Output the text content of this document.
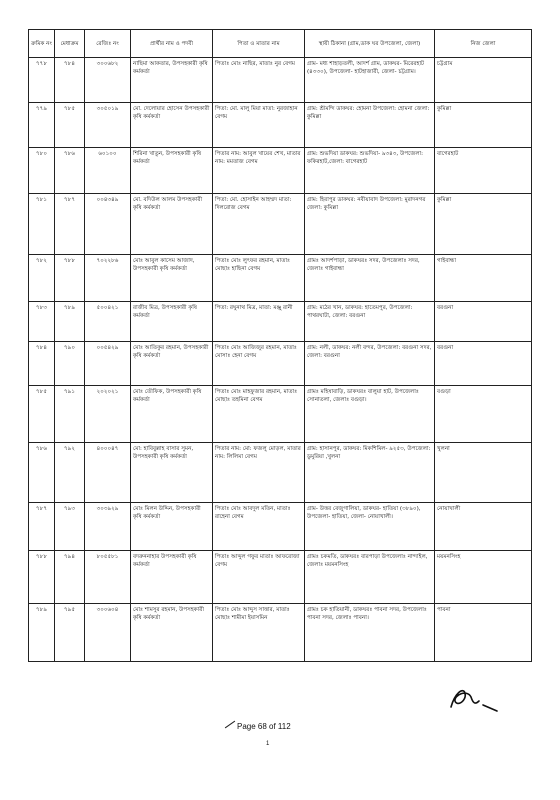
ক্রমিক নং	মেধাক্রম	রেজিঃ নং	প্রার্থীর নাম ও পদবী	পিতা ও মাতার নাম	স্থায়ী ঠিকানা (গ্রাম,ডাক ঘর উপজেলা, জেলা)	নিজ জেলা
৭৭৮	৭৮৪	৩০০৬৮২	নাছিমা আকতার, উপসহকারী কৃষি কর্মকর্তা	পিতাঃ মোঃ নাছির, মাতাঃ নুর বেগম	গ্রাম- মধ্য শাহাড়তলী, আদর্শ গ্রাম, ডাকঘর- মিরেরহাট (৪৩৩০), উপজেলা- হাটহাজারী, জেলা- চট্টগ্রাম।	চট্টগ্রাম
৭৭৯	৭৮৫	৩০৫০১৯	মো. দেলোয়ার হোসেন উপসহকারী কৃষি কর্মকর্তা	পিতা: মো. মালু মিয়া মাতা: নুরজাহান বেগম	গ্রাম: শ্রীমন্দি ডাকঘর: হোমনা উপজেলা: হোমনা জেলা: কুমিল্লা	কুমিল্লা
৭৮০	৭৮৬	৬০১০০	শিরিনা খাতুন, উপসহকারী কৃষি কর্মকর্তা	পিতার নাম: আবুল খায়ের শেখ, মাতার নাম: মমতাজ বেগম	গ্রাম: শুভদিয়া ডাকঘর: শুভদিয়া- ৯৩৪৩, উপজেলা: ফকিরহাট,জেলা: বাগেরহাট	বাগেরহাট
৭৮১	৭৮৭	০০৪৩৪৯	মো. বদিউল আলম উপসহকারী কৃষি কর্মকর্তা	পিতা: মো. হোসাইন আহম্মদ মাতা: দিলরোজ বেগম	গ্রাম: হিরাপুর ডাকঘর: নবীয়াবাদ উপজেলা: মুরাদনগর জেলা: কুমিল্লা	কুমিল্লা
৭৮২	৭৮৮	৭০২২৮৬	মোঃ আবুল কাসেম আজাদ, উপসহকারী কৃষি কর্মকর্তা	পিতাঃ মোঃ লুৎফর রহমান, মাতাঃ মোছাঃ হাছিনা বেগম	গ্রামঃ আদর্শপাড়া, ডাকঘরঃ সদর, উপজেলাঃ সদর, জেলাঃ গাইবান্ধা	গাইবান্ধা
৭৮৩	৭৮৯	৫০০৪২১	রাজীব মিত্র, উপসহকারী কৃষি কর্মকর্তা	পিতা: রঘুনাথ মিত্র, মাতা: মঞ্জু রানী	গ্রাম: মঠের খান, ডাকঘর: হাতেমপুর, উপজেলা: পাথরঘাটা, জেলা: বরগুনা	বরগুনা
৭৮৪	৭৯০	০০৫৪২৯	মোঃ আতিকুর রহমান, উপসহকারী কৃষি কর্মকর্তা	পিতাঃ মোঃ আজিজুর রহমান, মাতাঃ মোসাঃ হেনা বেগম	গ্রাম: নলী, ডাকঘর: নলী বন্দর, উপজেলা: বরগুনা সদর, জেলা: বরগুনা	বরগুনা
৭৮৫	৭৯১	২০২০২১	মোঃ তৌফিক, উপসহকারী কৃষি কর্মকর্তা	পিতাঃ মোঃ মাহফুজার রহমান, মাতাঃ মোছাঃ তহমিনা বেগম	গ্রামঃ মহিষাবাড়ি, ডাকঘরঃ বালুয়া হাট, উপজেলাঃ সোনাতলা, জেলাঃ বগুড়া।	বগুড়া
৭৮৬	৭৯২	৪০০০৪৭	মো: হাবিবুল্লাহ বাসার সুমন, উপসহকারী কৃষি কর্মকর্তা	পিতার নাম: মো: ফজলু মোড়ল, মাতার নাম: লিলিমা বেগম	গ্রাম: হাসানপুর, ডাকঘর: মিকশিমিল- ৯২৫৩, উপজেলা: ডুমুরিয়া ,খুলনা	খুলনা
৭৮৭	৭৯৩	৩০৩৯২৯	মোঃ মিলন উদ্দিন, উপসহকারী কৃষি কর্মকর্তা	পিতাঃ মোঃ আবদুল মতিন, মাতাঃ রাহেনা বেগম	গ্রাম- উত্তর বেজুগালিয়া, ডাকঘর- হাতিয়া (৩৮৯০), উপজেলা- হাতিয়া, জেলা- নোয়াখালী।	নোয়াখালী
৭৮৮	৭৯৪	৮০৫৫৮১	বদরুননাহার উপসহকারী কৃষি কর্মকর্তা	পিতাঃ আব্দুল গফুর মাতাঃ আফরোজা বেগম	গ্রামঃ চকমতি, ডাকঘরঃ বারপাড়া উপজেলাঃ নান্দাইল, জেলাঃ ময়মনসিংহ	ময়মনসিংহ
৭৮৯	৭৯৫	৩০০৬০৪	মোঃ শামসুর রহমান, উপসহকারী কৃষি কর্মকর্তা	পিতাঃ মোঃ আব্দুস সাত্তার, মাতাঃ মোছাঃ শামীমা ইয়াসমিন	গ্রামঃ চক হাতিয়ানী, ডাকঘরঃ পাবনা সদর, উপজেলাঃ পাবনা সদর, জেলাঃ পাবনা।	পাবনা
Page 68 of 112
1
